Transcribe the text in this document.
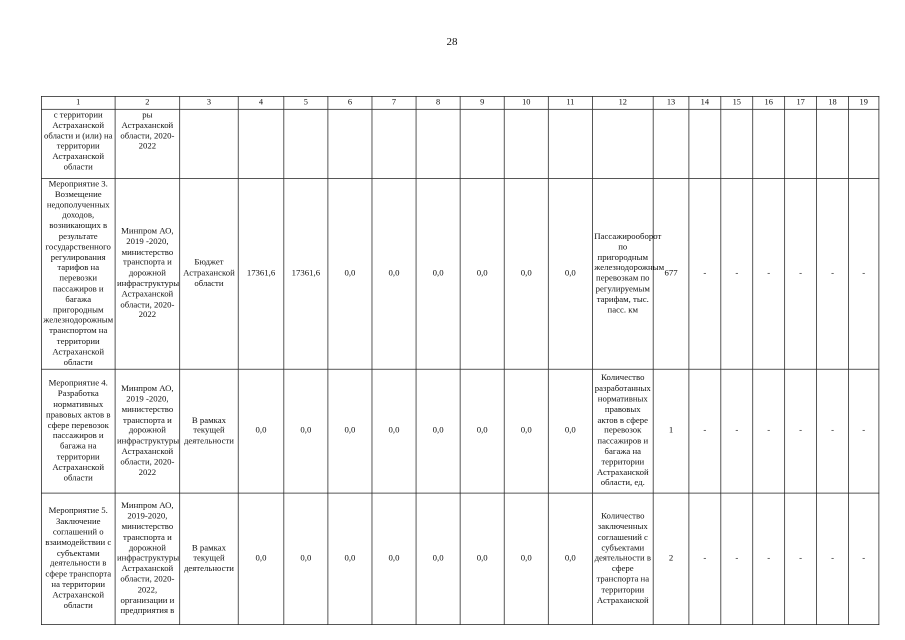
28
1	2	3	4	5	6	7	8	9	10	11	12	13	14	15	16	17	18	19
с территории Астраханской области и (или) на территории Астраханской области	ры Астраханской области, 2020-2022																	
Мероприятие 3. Возмещение недополученных доходов, возникающих в результате государственного регулирования тарифов на перевозки пассажиров и багажа пригородным железнодорожным транспортом на территории Астраханской области	Минпром АО, 2019 -2020, министерство транспорта и дорожной инфраструктуры Астраханской области, 2020-2022	Бюджет Астраханской области	17361,6	17361,6	0,0	0,0	0,0	0,0	0,0	0,0	Пассажирооборот по пригородным железнодорожным перевозкам по регулируемым тарифам, тыс. пасс. км	677	-	-	-	-	-	-
Мероприятие 4. Разработка нормативных правовых актов в сфере перевозок пассажиров и багажа на территории Астраханской области	Минпром АО, 2019 -2020, министерство транспорта и дорожной инфраструктуры Астраханской области, 2020-2022	В рамках текущей деятельности	0,0	0,0	0,0	0,0	0,0	0,0	0,0	0,0	Количество разработанных нормативных правовых актов в сфере перевозок пассажиров и багажа на территории Астраханской области, ед.	1	-	-	-	-	-	-
Мероприятие 5. Заключение соглашений о взаимодействии с субъектами деятельности в сфере транспорта на территории Астраханской области	Минпром АО, 2019-2020, министерство транспорта и дорожной инфраструктуры Астраханской области, 2020-2022, организации и предприятия в	В рамках текущей деятельности	0,0	0,0	0,0	0,0	0,0	0,0	0,0	0,0	Количество заключенных соглашений с субъектами деятельности в сфере транспорта на территории Астраханской	2	-	-	-	-	-	-
